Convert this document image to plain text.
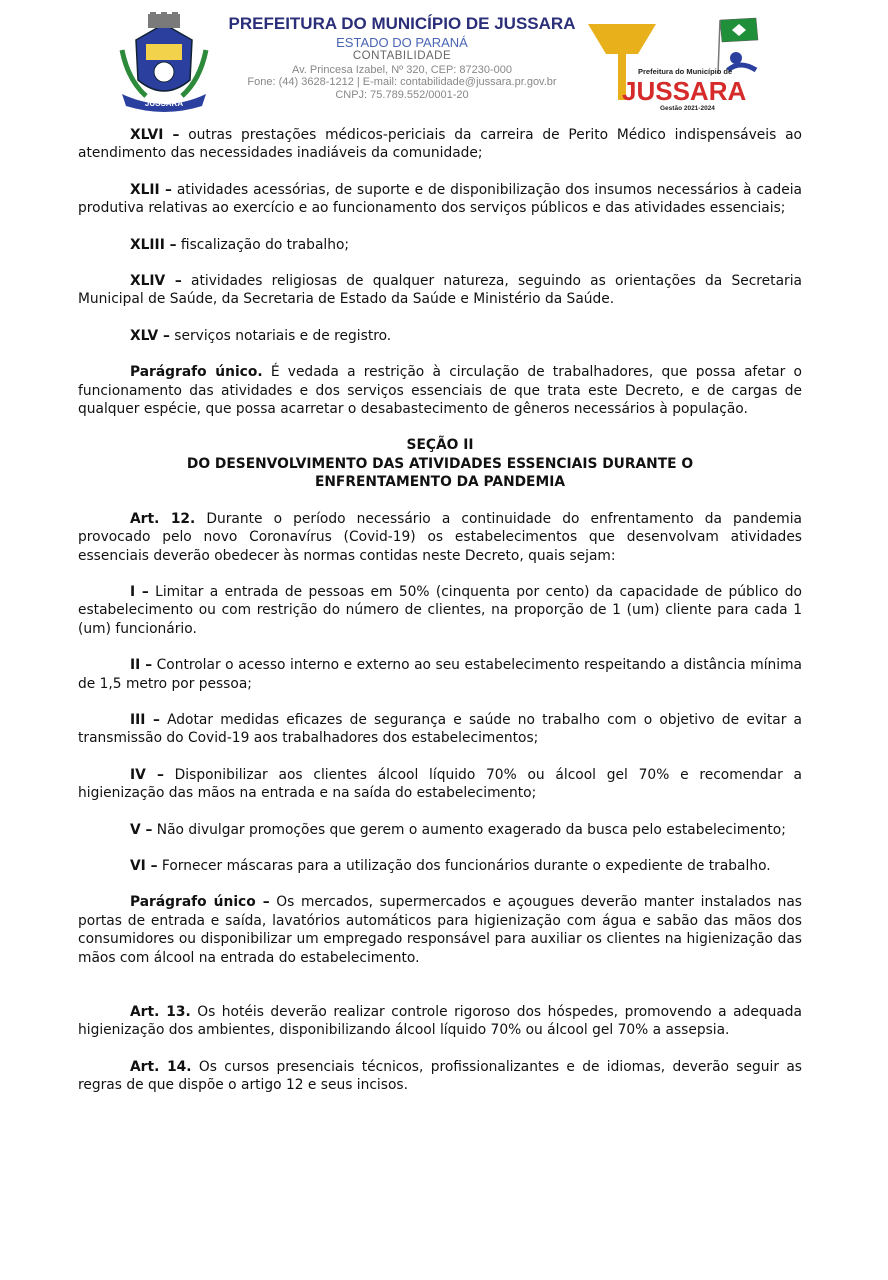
JUSSARA
PREFEITURA DO MUNICÍPIO DE JUSSARA
ESTADO DO PARANÁ
CONTABILIDADE
Av. Princesa Izabel, Nº 320, CEP: 87230-000
Fone: (44) 3628-1212 | E-mail: contabilidade@jussara.pr.gov.br
CNPJ: 75.789.552/0001-20
Prefeitura do Município de
JUSSARA
Gestão 2021-2024

XLVI – outras prestações médicos-periciais da carreira de Perito Médico indispensáveis ao atendimento das necessidades inadiáveis da comunidade;

XLII – atividades acessórias, de suporte e de disponibilização dos insumos necessários à cadeia produtiva relativas ao exercício e ao funcionamento dos serviços públicos e das atividades essenciais;

XLIII – fiscalização do trabalho;

XLIV – atividades religiosas de qualquer natureza, seguindo as orientações da Secretaria Municipal de Saúde, da Secretaria de Estado da Saúde e Ministério da Saúde.

XLV – serviços notariais e de registro.

Parágrafo único. É vedada a restrição à circulação de trabalhadores, que possa afetar o funcionamento das atividades e dos serviços essenciais de que trata este Decreto, e de cargas de qualquer espécie, que possa acarretar o desabastecimento de gêneros necessários à população.

SEÇÃO II

DO DESENVOLVIMENTO DAS ATIVIDADES ESSENCIAIS DURANTE O

ENFRENTAMENTO DA PANDEMIA

Art. 12. Durante o período necessário a continuidade do enfrentamento da pandemia provocado pelo novo Coronavírus (Covid-19) os estabelecimentos que desenvolvam atividades essenciais deverão obedecer às normas contidas neste Decreto, quais sejam:

I – Limitar a entrada de pessoas em 50% (cinquenta por cento) da capacidade de público do estabelecimento ou com restrição do número de clientes, na proporção de 1 (um) cliente para cada 1 (um) funcionário.

II – Controlar o acesso interno e externo ao seu estabelecimento respeitando a distância mínima de 1,5 metro por pessoa;

III – Adotar medidas eficazes de segurança e saúde no trabalho com o objetivo de evitar a transmissão do Covid-19 aos trabalhadores dos estabelecimentos;

IV – Disponibilizar aos clientes álcool líquido 70% ou álcool gel 70% e recomendar a higienização das mãos na entrada e na saída do estabelecimento;

V – Não divulgar promoções que gerem o aumento exagerado da busca pelo estabelecimento;

VI – Fornecer máscaras para a utilização dos funcionários durante o expediente de trabalho.

Parágrafo único – Os mercados, supermercados e açougues deverão manter instalados nas portas de entrada e saída, lavatórios automáticos para higienização com água e sabão das mãos dos consumidores ou disponibilizar um empregado responsável para auxiliar os clientes na higienização das mãos com álcool na entrada do estabelecimento.

Art. 13. Os hotéis deverão realizar controle rigoroso dos hóspedes, promovendo a adequada higienização dos ambientes, disponibilizando álcool líquido 70% ou álcool gel 70% a assepsia.

Art. 14. Os cursos presenciais técnicos, profissionalizantes e de idiomas, deverão seguir as regras de que dispõe o artigo 12 e seus incisos.
